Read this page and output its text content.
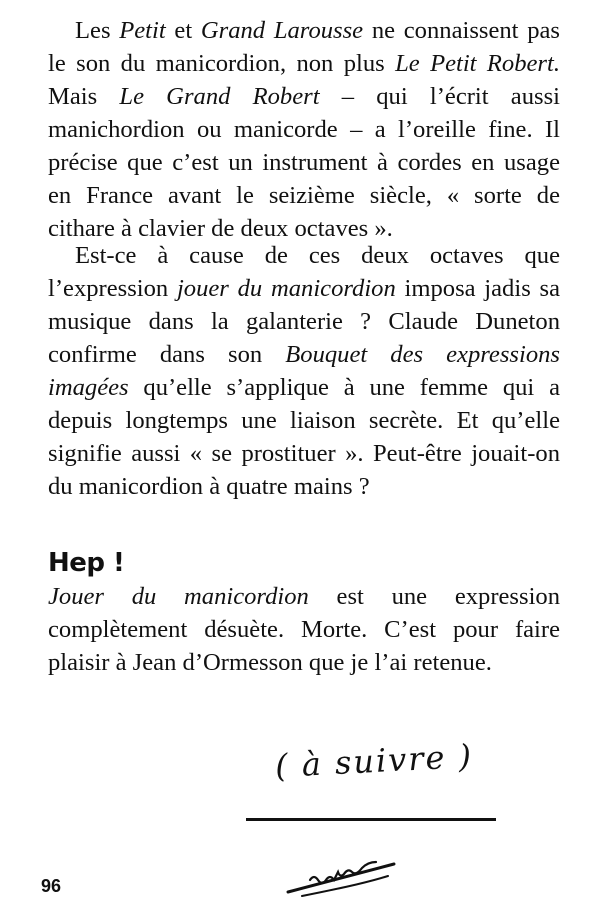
Les Petit et Grand Larousse ne connaissent pas le son du manicordion, non plus Le Petit Robert. Mais Le Grand Robert – qui l’écrit aussi manichordion ou manicorde – a l’oreille fine. Il précise que c’est un instrument à cordes en usage en France avant le seizième siècle, « sorte de cithare à clavier de deux octaves ».

Est-ce à cause de ces deux octaves que l’expression jouer du manicordion imposa jadis sa musique dans la galanterie ? Claude Duneton confirme dans son Bouquet des expressions imagées qu’elle s’applique à une femme qui a depuis longtemps une liaison secrète. Et qu’elle signifie aussi « se prostituer ». Peut-être jouait-on du manicordion à quatre mains ?

Hep !

Jouer du manicordion est une expression complètement désuète. Morte. C’est pour faire plaisir à Jean d’Ormesson que je l’ai retenue.

( à suivre )
96
